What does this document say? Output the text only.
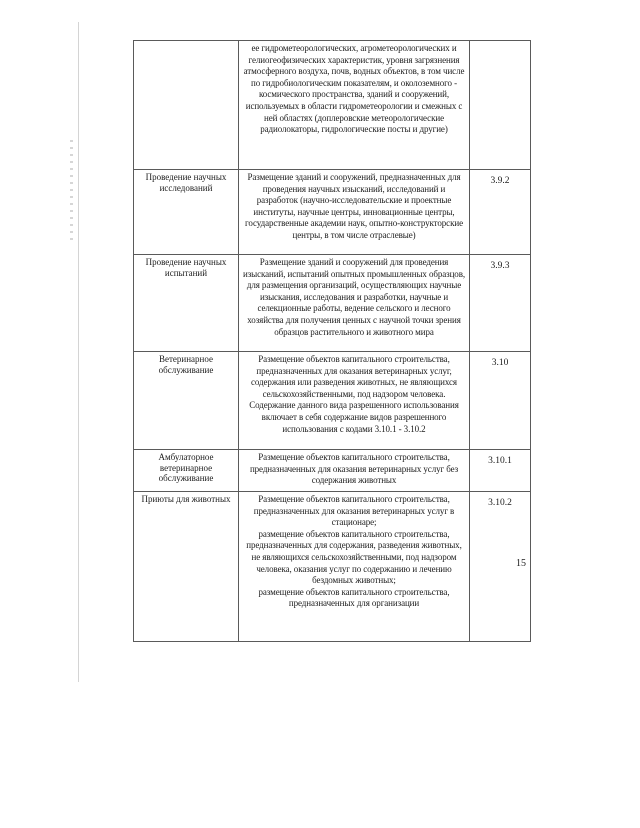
	ее гидрометеорологических, агрометеорологических и гелиогеофизических характеристик, уровня загрязнения атмосферного воздуха, почв, водных объектов, в том числе по гидробиологическим показателям, и околоземного - космического пространства, зданий и сооружений, используемых в области гидрометеорологии и смежных с ней областях (доплеровские метеорологические радиолокаторы, гидрологические посты и другие)	
Проведение научных исследований	Размещение зданий и сооружений, предназначенных для проведения научных изысканий, исследований и разработок (научно-исследовательские и проектные институты, научные центры, инновационные центры, государственные академии наук, опытно-конструкторские центры, в том числе отраслевые)	3.9.2
Проведение научных испытаний	Размещение зданий и сооружений для проведения изысканий, испытаний опытных промышленных образцов, для размещения организаций, осуществляющих научные изыскания, исследования и разработки, научные и селекционные работы, ведение сельского и лесного хозяйства для получения ценных с научной точки зрения образцов растительного и животного мира	3.9.3
Ветеринарное обслуживание	Размещение объектов капитального строительства, предназначенных для оказания ветеринарных услуг, содержания или разведения животных, не являющихся сельскохозяйственными, под надзором человека. Содержание данного вида разрешенного использования включает в себя содержание видов разрешенного использования с кодами 3.10.1 - 3.10.2	3.10
Амбулаторное ветеринарное обслуживание	Размещение объектов капитального строительства, предназначенных для оказания ветеринарных услуг без содержания животных	3.10.1
Приюты для животных	Размещение объектов капитального строительства, предназначенных для оказания ветеринарных услуг в стационаре;

размещение объектов капитального строительства, предназначенных для содержания, разведения животных, не являющихся сельскохозяйственными, под надзором человека, оказания услуг по содержанию и лечению бездомных животных;

размещение объектов капитального строительства, предназначенных для организации	3.10.2
15
